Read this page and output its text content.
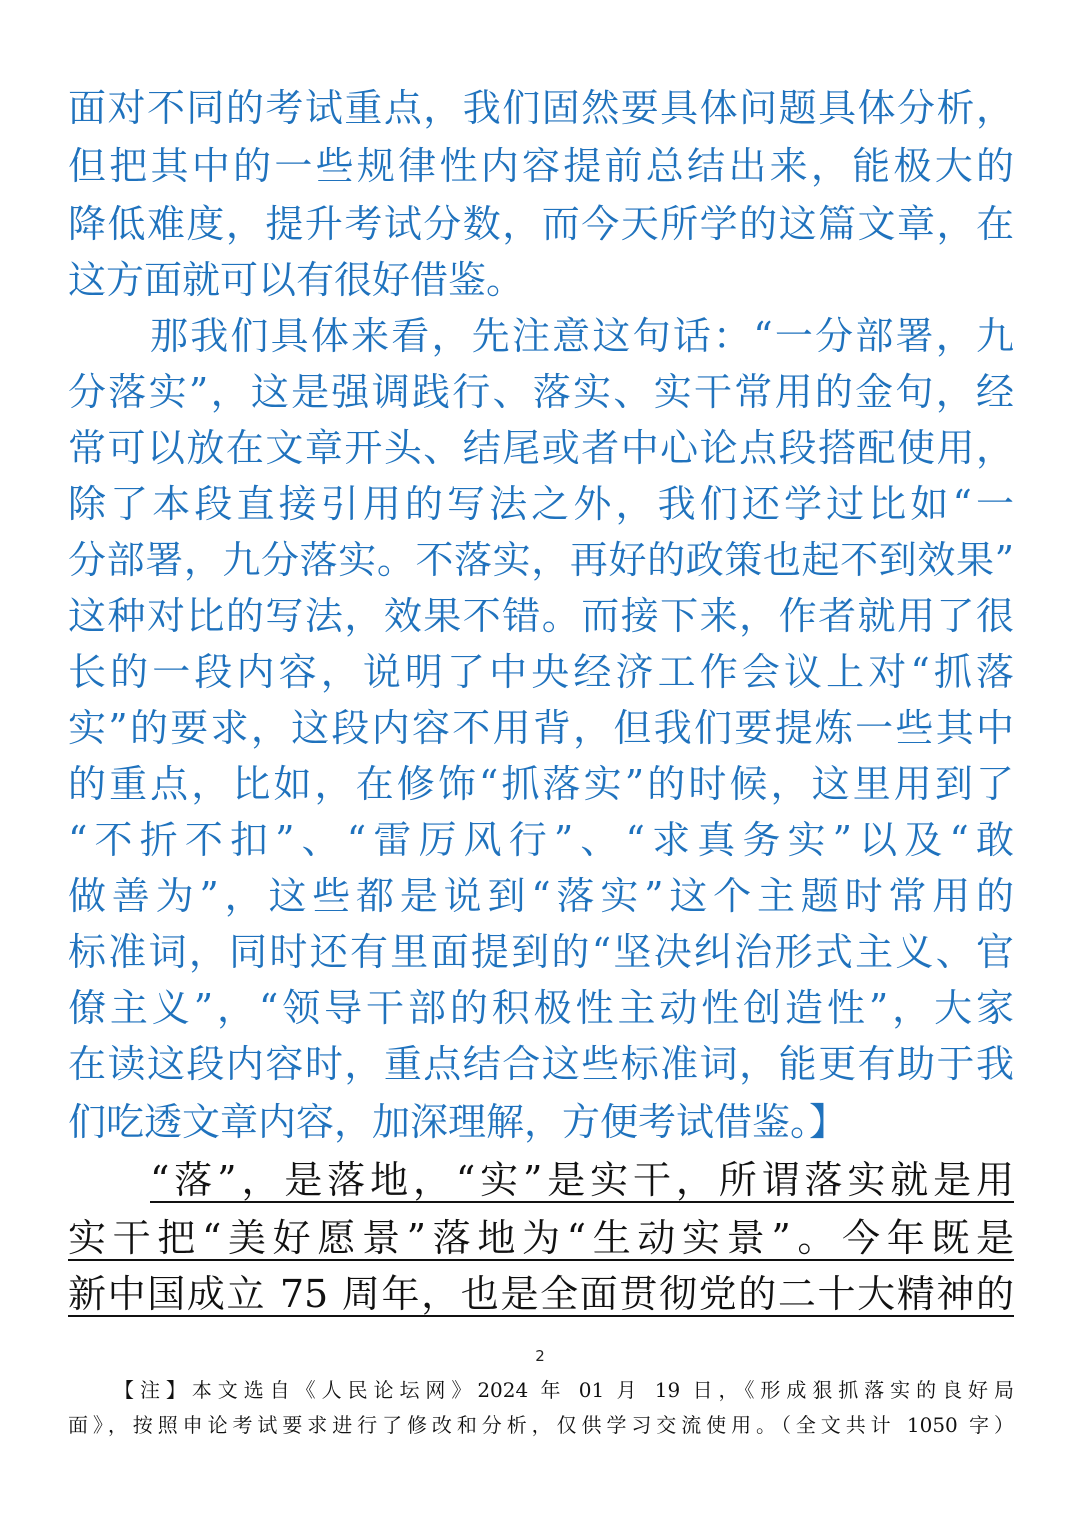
面对不同的考试重点，我们固然要具体问题具体分析，
但把其中的一些规律性内容提前总结出来，能极大的
降低难度，提升考试分数，而今天所学的这篇文章，在
这方面就可以有很好借鉴。
那我们具体来看，先注意这句话：“一分部署，九
分落实”，这是强调践行、落实、实干常用的金句，经
常可以放在文章开头、结尾或者中心论点段搭配使用，
除了本段直接引用的写法之外，我们还学过比如“一
分部署，九分落实。不落实，再好的政策也起不到效果”
这种对比的写法，效果不错。而接下来，作者就用了很
长的一段内容，说明了中央经济工作会议上对“抓落
实”的要求，这段内容不用背，但我们要提炼一些其中
的重点，比如，在修饰“抓落实”的时候，这里用到了
“不折不扣”、“雷厉风行”、“求真务实”以及“敢
做善为”，这些都是说到“落实”这个主题时常用的
标准词，同时还有里面提到的“坚决纠治形式主义、官
僚主义”，“领导干部的积极性主动性创造性”，大家
在读这段内容时，重点结合这些标准词，能更有助于我
们吃透文章内容，加深理解，方便考试借鉴。】
“落”，是落地，“实”是实干，所谓落实就是用
实干把“美好愿景”落地为“生动实景”。今年既是
新中国成立 75 周年，也是全面贯彻党的二十大精神的
2
【注】本文选自《人民论坛网》2024 年 01 月 19 日，《形成狠抓落实的良好局
面》，按照申论考试要求进行了修改和分析，仅供学习交流使用。（全文共计 1050 字）
